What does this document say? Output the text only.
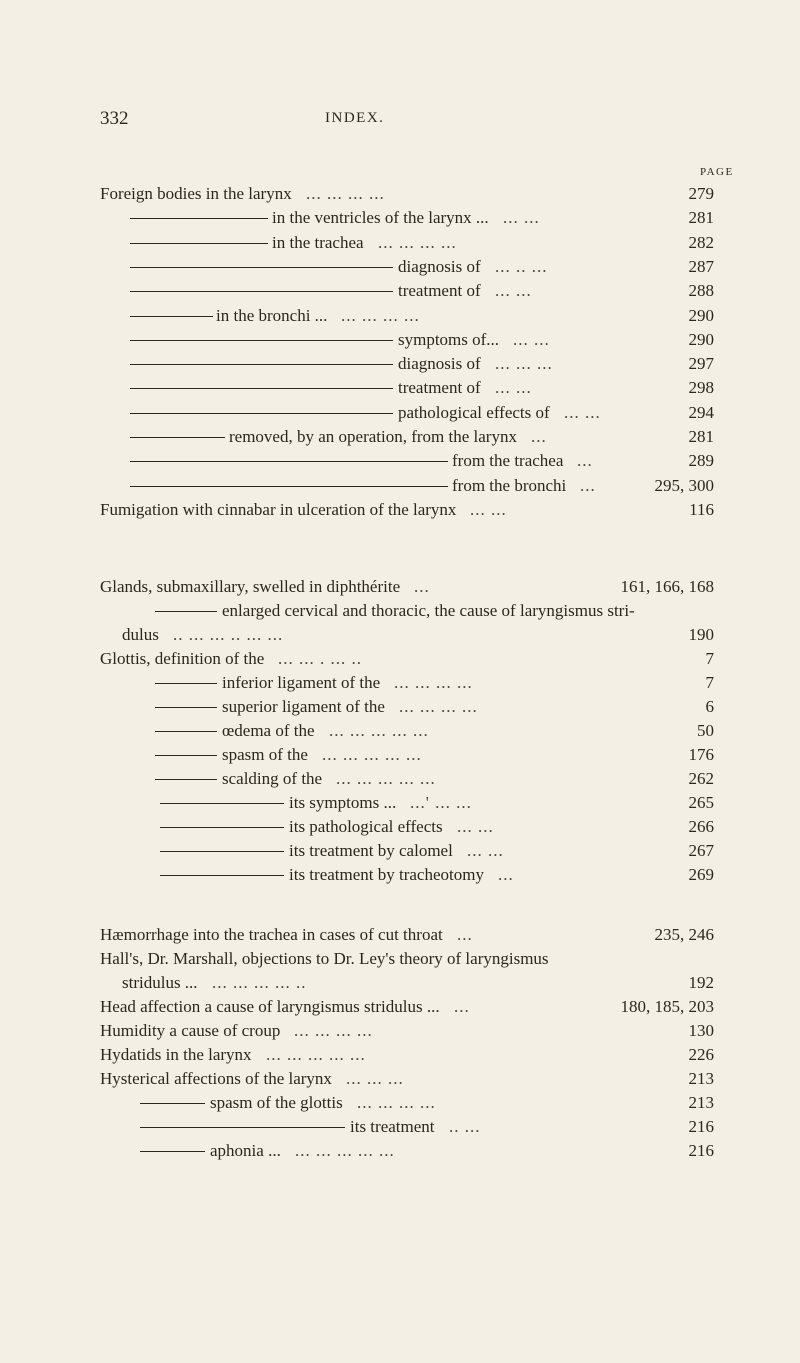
332	INDEX.
PAGE
Foreign bodies in the larynx ... ... ... ...	279
in the ventricles of the larynx ... ... ...	281
in the trachea ... ... ... ...	282
diagnosis of ... .. ...	287
treatment of ... ...	288
in the bronchi ... ... ... ... ...	290
symptoms of... ... ...	290
diagnosis of ... ... ...	297
treatment of ... ...	298
pathological effects of ... ...	294
removed, by an operation, from the larynx ...	281
from the trachea ...	289
from the bronchi ...	295, 300
Fumigation with cinnabar in ulceration of the larynx ... ...	116
Glands, submaxillary, swelled in diphthérite ...	161, 166, 168
enlarged cervical and thoracic, the cause of laryngismus stri-
dulus .. ... ... .. ... ...	190
Glottis, definition of the ... ... . ... ..	7
inferior ligament of the ... ... ... ...	7
superior ligament of the ... ... ... ...	6
œdema of the ... ... ... ... ...	50
spasm of the ... ... ... ... ...	176
scalding of the ... ... ... ... ...	262
its symptoms ... ...' ... ...	265
its pathological effects ... ...	266
its treatment by calomel ... ...	267
its treatment by tracheotomy ...	269
Hæmorrhage into the trachea in cases of cut throat ...	235, 246
Hall's, Dr. Marshall, objections to Dr. Ley's theory of laryngismus
stridulus ... ... ... ... ... ..	192
Head affection a cause of laryngismus stridulus ... ...	180, 185, 203
Humidity a cause of croup ... ... ... ...	130
Hydatids in the larynx ... ... ... ... ...	226
Hysterical affections of the larynx ... ... ...	213
spasm of the glottis ... ... ... ...	213
its treatment .. ...	216
aphonia ... ... ... ... ... ...	216
